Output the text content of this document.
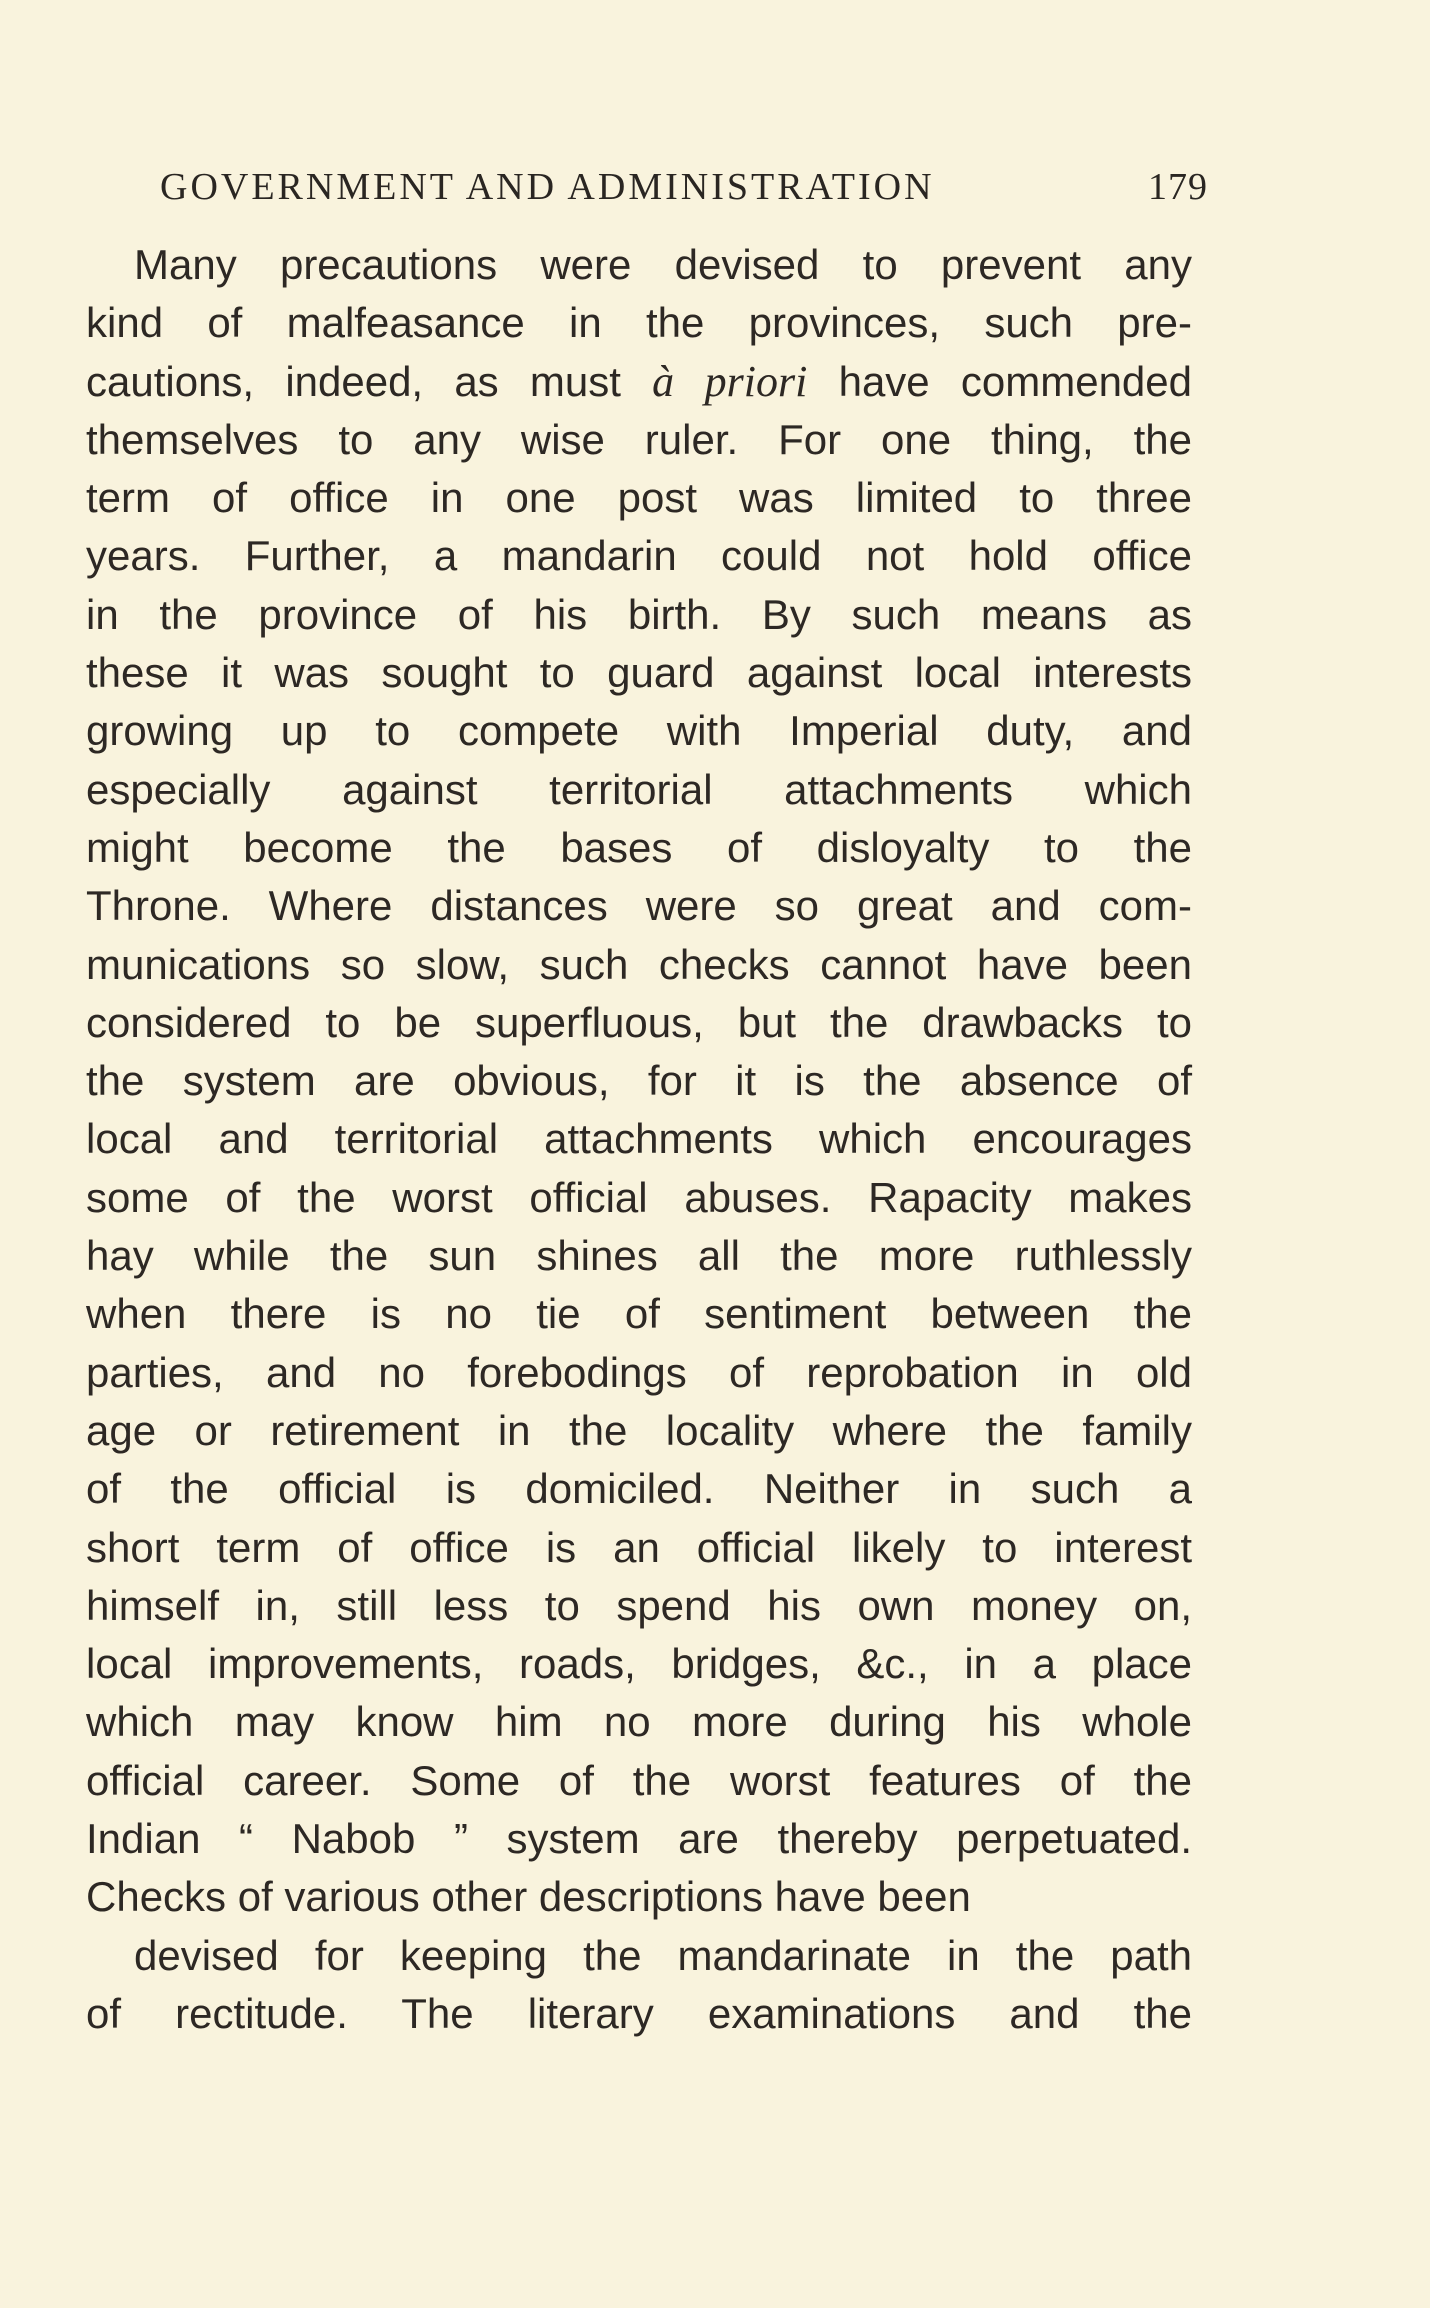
GOVERNMENT AND ADMINISTRATION	179
Many precautions were devised to prevent any
kind of malfeasance in the provinces, such pre-
cautions, indeed, as must à priori have commended
themselves to any wise ruler. For one thing, the
term of office in one post was limited to three
years. Further, a mandarin could not hold office
in the province of his birth. By such means as
these it was sought to guard against local interests
growing up to compete with Imperial duty, and
especially against territorial attachments which
might become the bases of disloyalty to the
Throne. Where distances were so great and com-
munications so slow, such checks cannot have been
considered to be superfluous, but the drawbacks to
the system are obvious, for it is the absence of
local and territorial attachments which encourages
some of the worst official abuses. Rapacity makes
hay while the sun shines all the more ruthlessly
when there is no tie of sentiment between the
parties, and no forebodings of reprobation in old
age or retirement in the locality where the family
of the official is domiciled. Neither in such a
short term of office is an official likely to interest
himself in, still less to spend his own money on,
local improvements, roads, bridges, &c., in a place
which may know him no more during his whole
official career. Some of the worst features of the
Indian “ Nabob ” system are thereby perpetuated.
Checks of various other descriptions have been
devised for keeping the mandarinate in the path
of rectitude. The literary examinations and the
